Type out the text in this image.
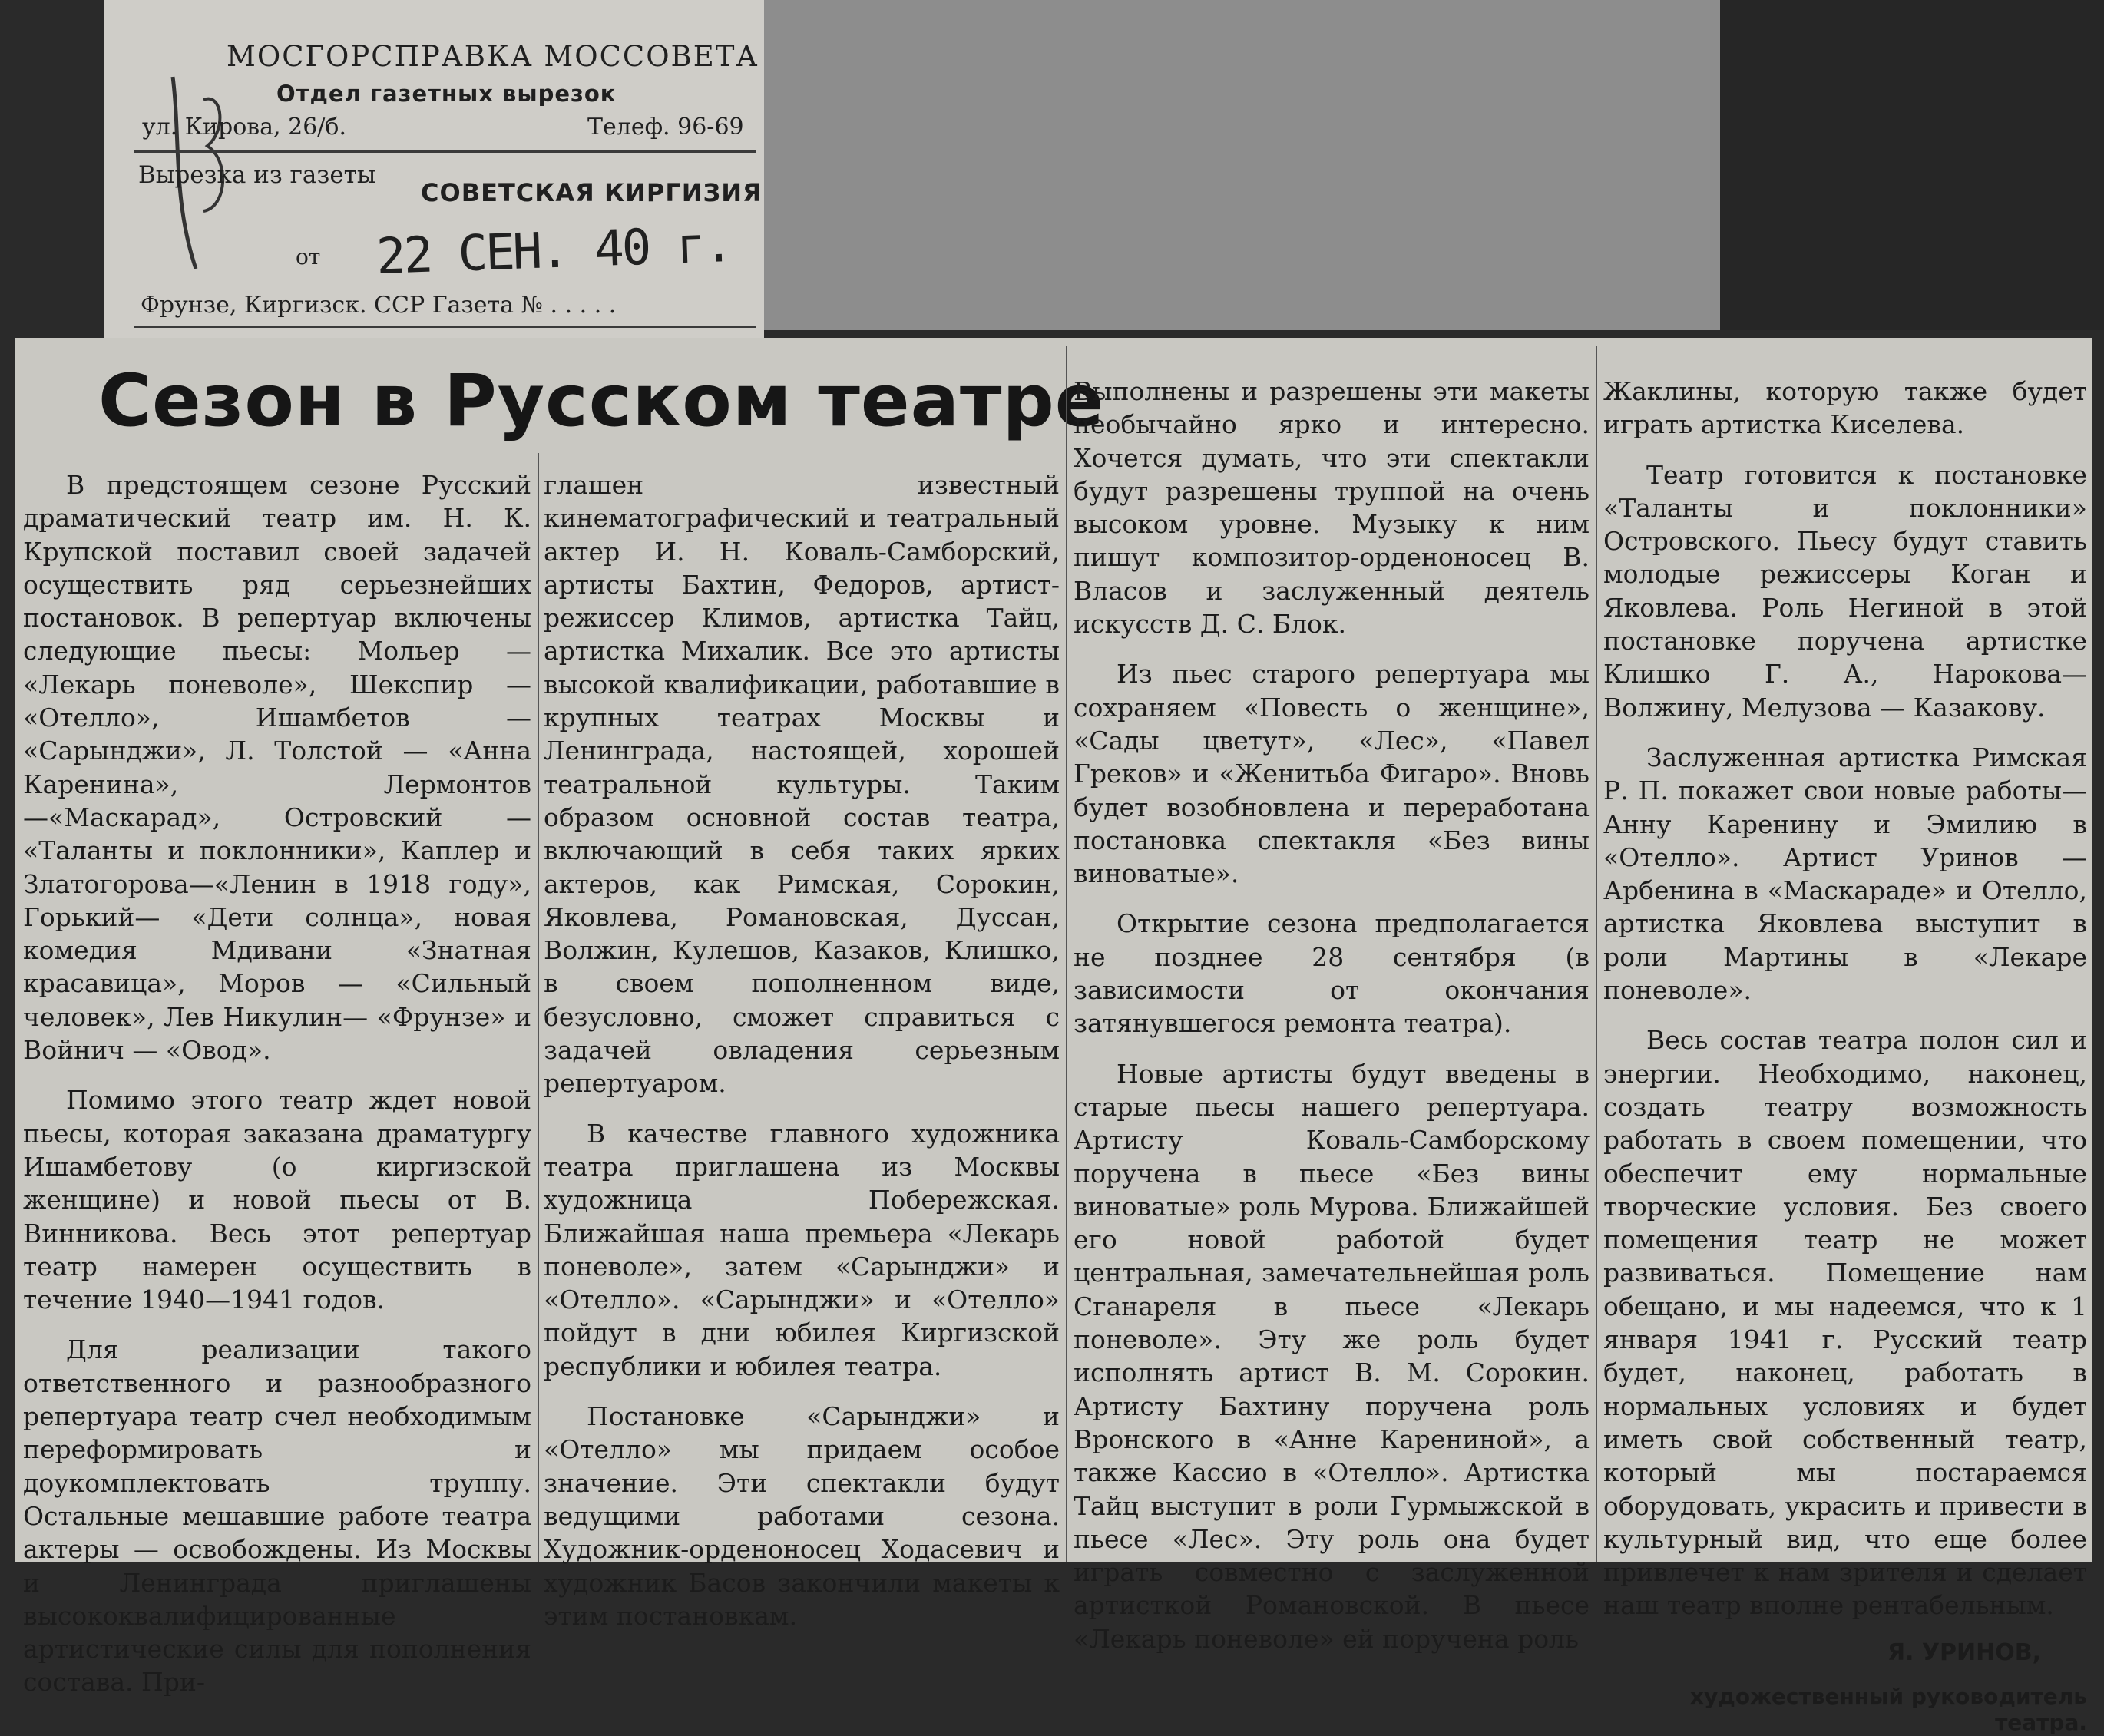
МОСГОРСПРАВКА МОССОВЕТА
Отдел газетных вырезок
ул. Кирова, 26/б.	Телеф. 96-69
Вырезка из газеты
СОВЕТСКАЯ КИРГИЗИЯ
от 22 СЕН. 40 г.
Фрунзе, Киргизск. ССР Газета № . . . . .
Сезон в Русском театре

В предстоящем сезоне Русский драматический театр им. Н. К. Крупской поставил своей задачей осуществить ряд серьезнейших постановок. В репертуар включены следующие пьесы: Мольер — «Лекарь поневоле», Шекспир — «Отелло», Ишамбетов — «Сарынджи», Л. Толстой — «Анна Каренина», Лермонтов—«Маскарад», Островский — «Таланты и поклонники», Каплер и Златогорова—«Ленин в 1918 году», Горький— «Дети солнца», новая комедия Мдивани «Знатная красавица», Моров — «Сильный человек», Лев Никулин— «Фрунзе» и Войнич — «Овод».

Помимо этого театр ждет новой пьесы, которая заказана драматургу Ишамбетову (о киргизской женщине) и новой пьесы от В. Винникова. Весь этот репертуар театр намерен осуществить в течение 1940—1941 годов.

Для реализации такого ответственного и разнообразного репертуара театр счел необходимым переформировать и доукомплектовать труппу. Остальные мешавшие работе театра актеры — освобождены. Из Москвы и Ленинграда приглашены высококвалифицированные артистические силы для пополнения состава. При-

глашен известный кинематографический и театральный актер И. Н. Коваль-Самборский, артисты Бахтин, Федоров, артист-режиссер Климов, артистка Тайц, артистка Михалик. Все это артисты высокой квалификации, работавшие в крупных театрах Москвы и Ленинграда, настоящей, хорошей театральной культуры. Таким образом основной состав театра, включающий в себя таких ярких актеров, как Римская, Сорокин, Яковлева, Романовская, Дуссан, Волжин, Кулешов, Казаков, Клишко, в своем пополненном виде, безусловно, сможет справиться с задачей овладения серьезным репертуаром.

В качестве главного художника театра приглашена из Москвы художница Побережская. Ближайшая наша премьера «Лекарь поневоле», затем «Сарынджи» и «Отелло». «Сарынджи» и «Отелло» пойдут в дни юбилея Киргизской республики и юбилея театра.

Постановке «Сарынджи» и «Отелло» мы придаем особое значение. Эти спектакли будут ведущими работами сезона. Художник-орденоносец Ходасевич и художник Басов закончили макеты к этим постановкам.

Выполнены и разрешены эти макеты необычайно ярко и интересно. Хочется думать, что эти спектакли будут разрешены труппой на очень высоком уровне. Музыку к ним пишут композитор-орденоносец В. Власов и заслуженный деятель искусств Д. С. Блок.

Из пьес старого репертуара мы сохраняем «Повесть о женщине», «Сады цветут», «Лес», «Павел Греков» и «Женитьба Фигаро». Вновь будет возобновлена и переработана постановка спектакля «Без вины виноватые».

Открытие сезона предполагается не позднее 28 сентября (в зависимости от окончания затянувшегося ремонта театра).

Новые артисты будут введены в старые пьесы нашего репертуара. Артисту Коваль-Самборскому поручена в пьесе «Без вины виноватые» роль Мурова. Ближайшей его новой работой будет центральная, замечательнейшая роль Сганареля в пьесе «Лекарь поневоле». Эту же роль будет исполнять артист В. М. Сорокин. Артисту Бахтину поручена роль Вронского в «Анне Карениной», а также Кассио в «Отелло». Артистка Тайц выступит в роли Гурмыжской в пьесе «Лес». Эту роль она будет играть совместно с заслуженной артисткой Романовской. В пьесе «Лекарь поневоле» ей поручена роль

Жаклины, которую также будет играть артистка Киселева.

Театр готовится к постановке «Таланты и поклонники» Островского. Пьесу будут ставить молодые режиссеры Коган и Яковлева. Роль Негиной в этой постановке поручена артистке Клишко Г. А., Нарокова— Волжину, Мелузова — Казакову.

Заслуженная артистка Римская Р. П. покажет свои новые работы— Анну Каренину и Эмилию в «Отелло». Артист Уринов — Арбенина в «Маскараде» и Отелло, артистка Яковлева выступит в роли Мартины в «Лекаре поневоле».

Весь состав театра полон сил и энергии. Необходимо, наконец, создать театру возможность работать в своем помещении, что обеспечит ему нормальные творческие условия. Без своего помещения театр не может развиваться. Помещение нам обещано, и мы надеемся, что к 1 января 1941 г. Русский театр будет, наконец, работать в нормальных условиях и будет иметь свой собственный театр, который мы постараемся оборудовать, украсить и привести в культурный вид, что еще более привлечет к нам зрителя и сделает наш театр вполне рентабельным.

Я. УРИНОВ,

художественный руководитель театра.
